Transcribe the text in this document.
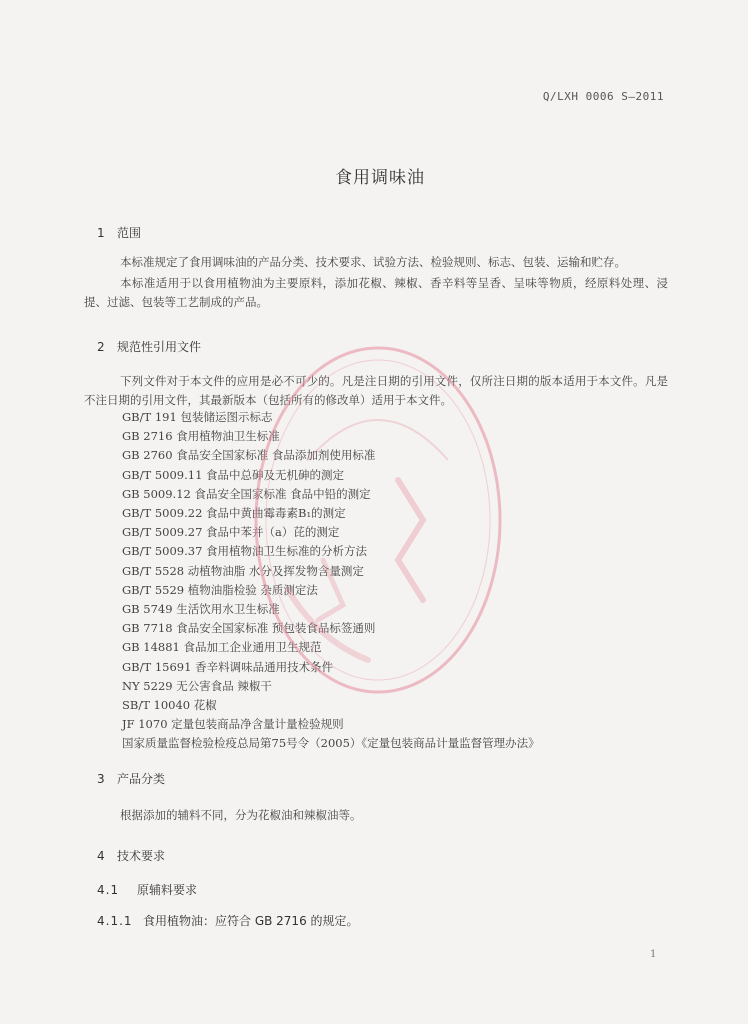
Q/LXH 0006 S—2011
食用调味油
1 范围

本标准规定了食用调味油的产品分类、技术要求、试验方法、检验规则、标志、包装、运输和贮存。

本标准适用于以食用植物油为主要原料，添加花椒、辣椒、香辛料等呈香、呈味等物质，经原料处理、浸提、过滤、包装等工艺制成的产品。

2 规范性引用文件

下列文件对于本文件的应用是必不可少的。凡是注日期的引用文件，仅所注日期的版本适用于本文件。凡是不注日期的引用文件，其最新版本（包括所有的修改单）适用于本文件。

GB/T 191 包装储运图示标志
GB 2716 食用植物油卫生标准
GB 2760 食品安全国家标准 食品添加剂使用标准
GB/T 5009.11 食品中总砷及无机砷的测定
GB 5009.12 食品安全国家标准 食品中铅的测定
GB/T 5009.22 食品中黄曲霉毒素B₁的测定
GB/T 5009.27 食品中苯并（a）芘的测定
GB/T 5009.37 食用植物油卫生标准的分析方法
GB/T 5528 动植物油脂 水分及挥发物含量测定
GB/T 5529 植物油脂检验 杂质测定法
GB 5749 生活饮用水卫生标准
GB 7718 食品安全国家标准 预包装食品标签通则
GB 14881 食品加工企业通用卫生规范
GB/T 15691 香辛料调味品通用技术条件
NY 5229 无公害食品 辣椒干
SB/T 10040 花椒
JF 1070 定量包装商品净含量计量检验规则
国家质量监督检验检疫总局第75号令（2005）《定量包装商品计量监督管理办法》
3 产品分类

根据添加的辅料不同，分为花椒油和辣椒油等。

4 技术要求
4.1 原辅料要求
4.1.1 食用植物油：应符合 GB 2716 的规定。
1
